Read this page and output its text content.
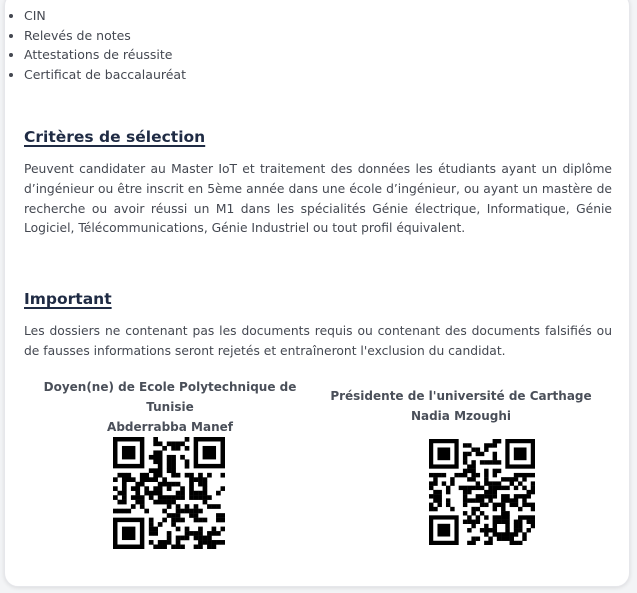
• CIN
• Relevés de notes
• Attestations de réussite
• Certificat de baccalauréat
Critères de sélection
Peuvent candidater au Master IoT et traitement des données les étudiants ayant un diplôme d’ingénieur ou être inscrit en 5ème année dans une école d’ingénieur, ou ayant un mastère de recherche ou avoir réussi un M1 dans les spécialités Génie électrique, Informatique, Génie Logiciel, Télécommunications, Génie Industriel ou tout profil équivalent.
Important
Les dossiers ne contenant pas les documents requis ou contenant des documents falsifiés ou de fausses informations seront rejetés et entraîneront l'exclusion du candidat.
Doyen(ne) de Ecole Polytechnique de Tunisie
Abderrabba Manef
Présidente de l'université de Carthage
Nadia Mzoughi
